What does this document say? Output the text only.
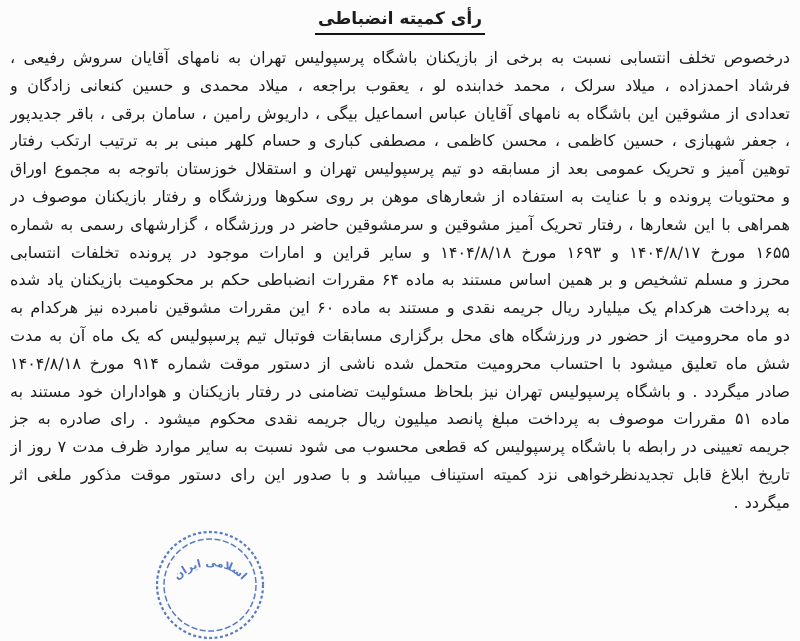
رأی کمیته انضباطی
درخصوص تخلف انتسابی نسبت به برخی از بازیکنان باشگاه پرسپولیس تهران به نامهای آقایان سروش رفیعی ،
فرشاد احمدزاده ، میلاد سرلک ، محمد خدابنده لو ، یعقوب براجعه ، میلاد محمدی و حسین کنعانی زادگان و
تعدادی از مشوقین این باشگاه به نامهای آقایان عباس اسماعیل بیگی ، داریوش رامین ، سامان برقی ، باقر جدیدپور
، جعفر شهبازی ، حسین کاظمی ، محسن کاظمی ، مصطفی کباری و حسام کلهر مبنی بر به ترتیب ارتکب رفتار
توهین آمیز و تحریک عمومی بعد از مسابقه دو تیم پرسپولیس تهران و استقلال خوزستان باتوجه به مجموع اوراق
و محتویات پرونده و با عنایت به استفاده از شعارهای موهن بر روی سکوها ورزشگاه و رفتار بازیکنان موصوف در
همراهی با این شعارها ، رفتار تحریک آمیز مشوقین و سرمشوقین حاضر در ورزشگاه ، گزارشهای رسمی به شماره
۱۶۵۵ مورخ ۱۴۰۴/۸/۱۷ و ۱۶۹۳ مورخ ۱۴۰۴/۸/۱۸ و سایر قراین و امارات موجود در پرونده تخلفات انتسابی
محرز و مسلم تشخیص و بر همین اساس مستند به ماده ۶۴ مقررات انضباطی حکم بر محکومیت بازیکنان یاد شده
به پرداخت هرکدام یک میلیارد ریال جریمه نقدی و مستند به ماده ۶۰ این مقررات مشوقین نامبرده نیز هرکدام به
دو ماه محرومیت از حضور در ورزشگاه های محل برگزاری مسابقات فوتبال تیم پرسپولیس که یک ماه آن به مدت
شش ماه تعلیق میشود با احتساب محرومیت متحمل شده ناشی از دستور موقت شماره ۹۱۴ مورخ ۱۴۰۴/۸/۱۸
صادر میگردد . و باشگاه پرسپولیس تهران نیز بلحاظ مسئولیت تضامنی در رفتار بازیکنان و هواداران خود مستند به
ماده ۵۱ مقررات موصوف به پرداخت مبلغ پانصد میلیون ریال جریمه نقدی محکوم میشود . رای صادره به جز
جریمه تعیینی در رابطه با باشگاه پرسپولیس که قطعی محسوب می شود نسبت به سایر موارد ظرف مدت ۷ روز از
تاریخ ابلاغ قابل تجدیدنظرخواهی نزد کمیته استیناف میباشد و با صدور این رای دستور موقت مذکور ملغی اثر
میگردد .
اسلامی ایران
